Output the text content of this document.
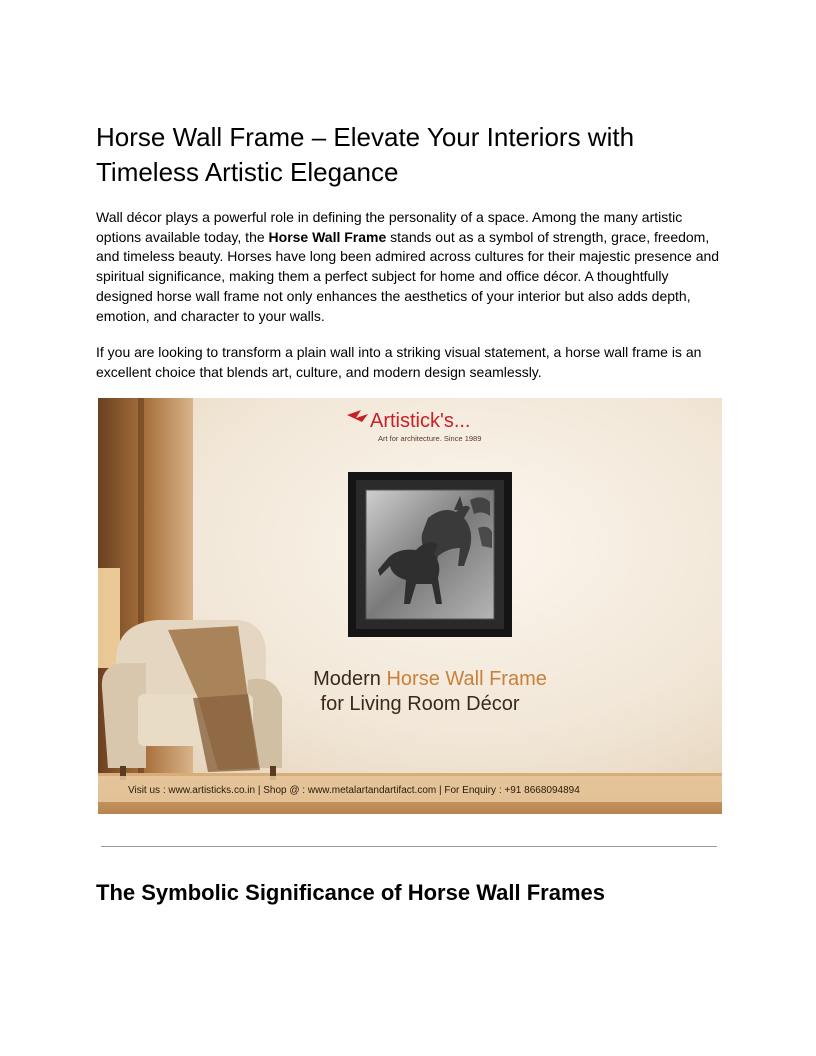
Horse Wall Frame – Elevate Your Interiors with Timeless Artistic Elegance

Wall décor plays a powerful role in defining the personality of a space. Among the many artistic options available today, the Horse Wall Frame stands out as a symbol of strength, grace, freedom, and timeless beauty. Horses have long been admired across cultures for their majestic presence and spiritual significance, making them a perfect subject for home and office décor. A thoughtfully designed horse wall frame not only enhances the aesthetics of your interior but also adds depth, emotion, and character to your walls.

If you are looking to transform a plain wall into a striking visual statement, a horse wall frame is an excellent choice that blends art, culture, and modern design seamlessly.

Artistick's...
Art for architecture. Since 1989
Modern Horse Wall Frame
for Living Room Décor
Visit us : www.artisticks.co.in | Shop @ : www.metalartandartifact.com | For Enquiry : +91 8668094894
The Symbolic Significance of Horse Wall Frames
